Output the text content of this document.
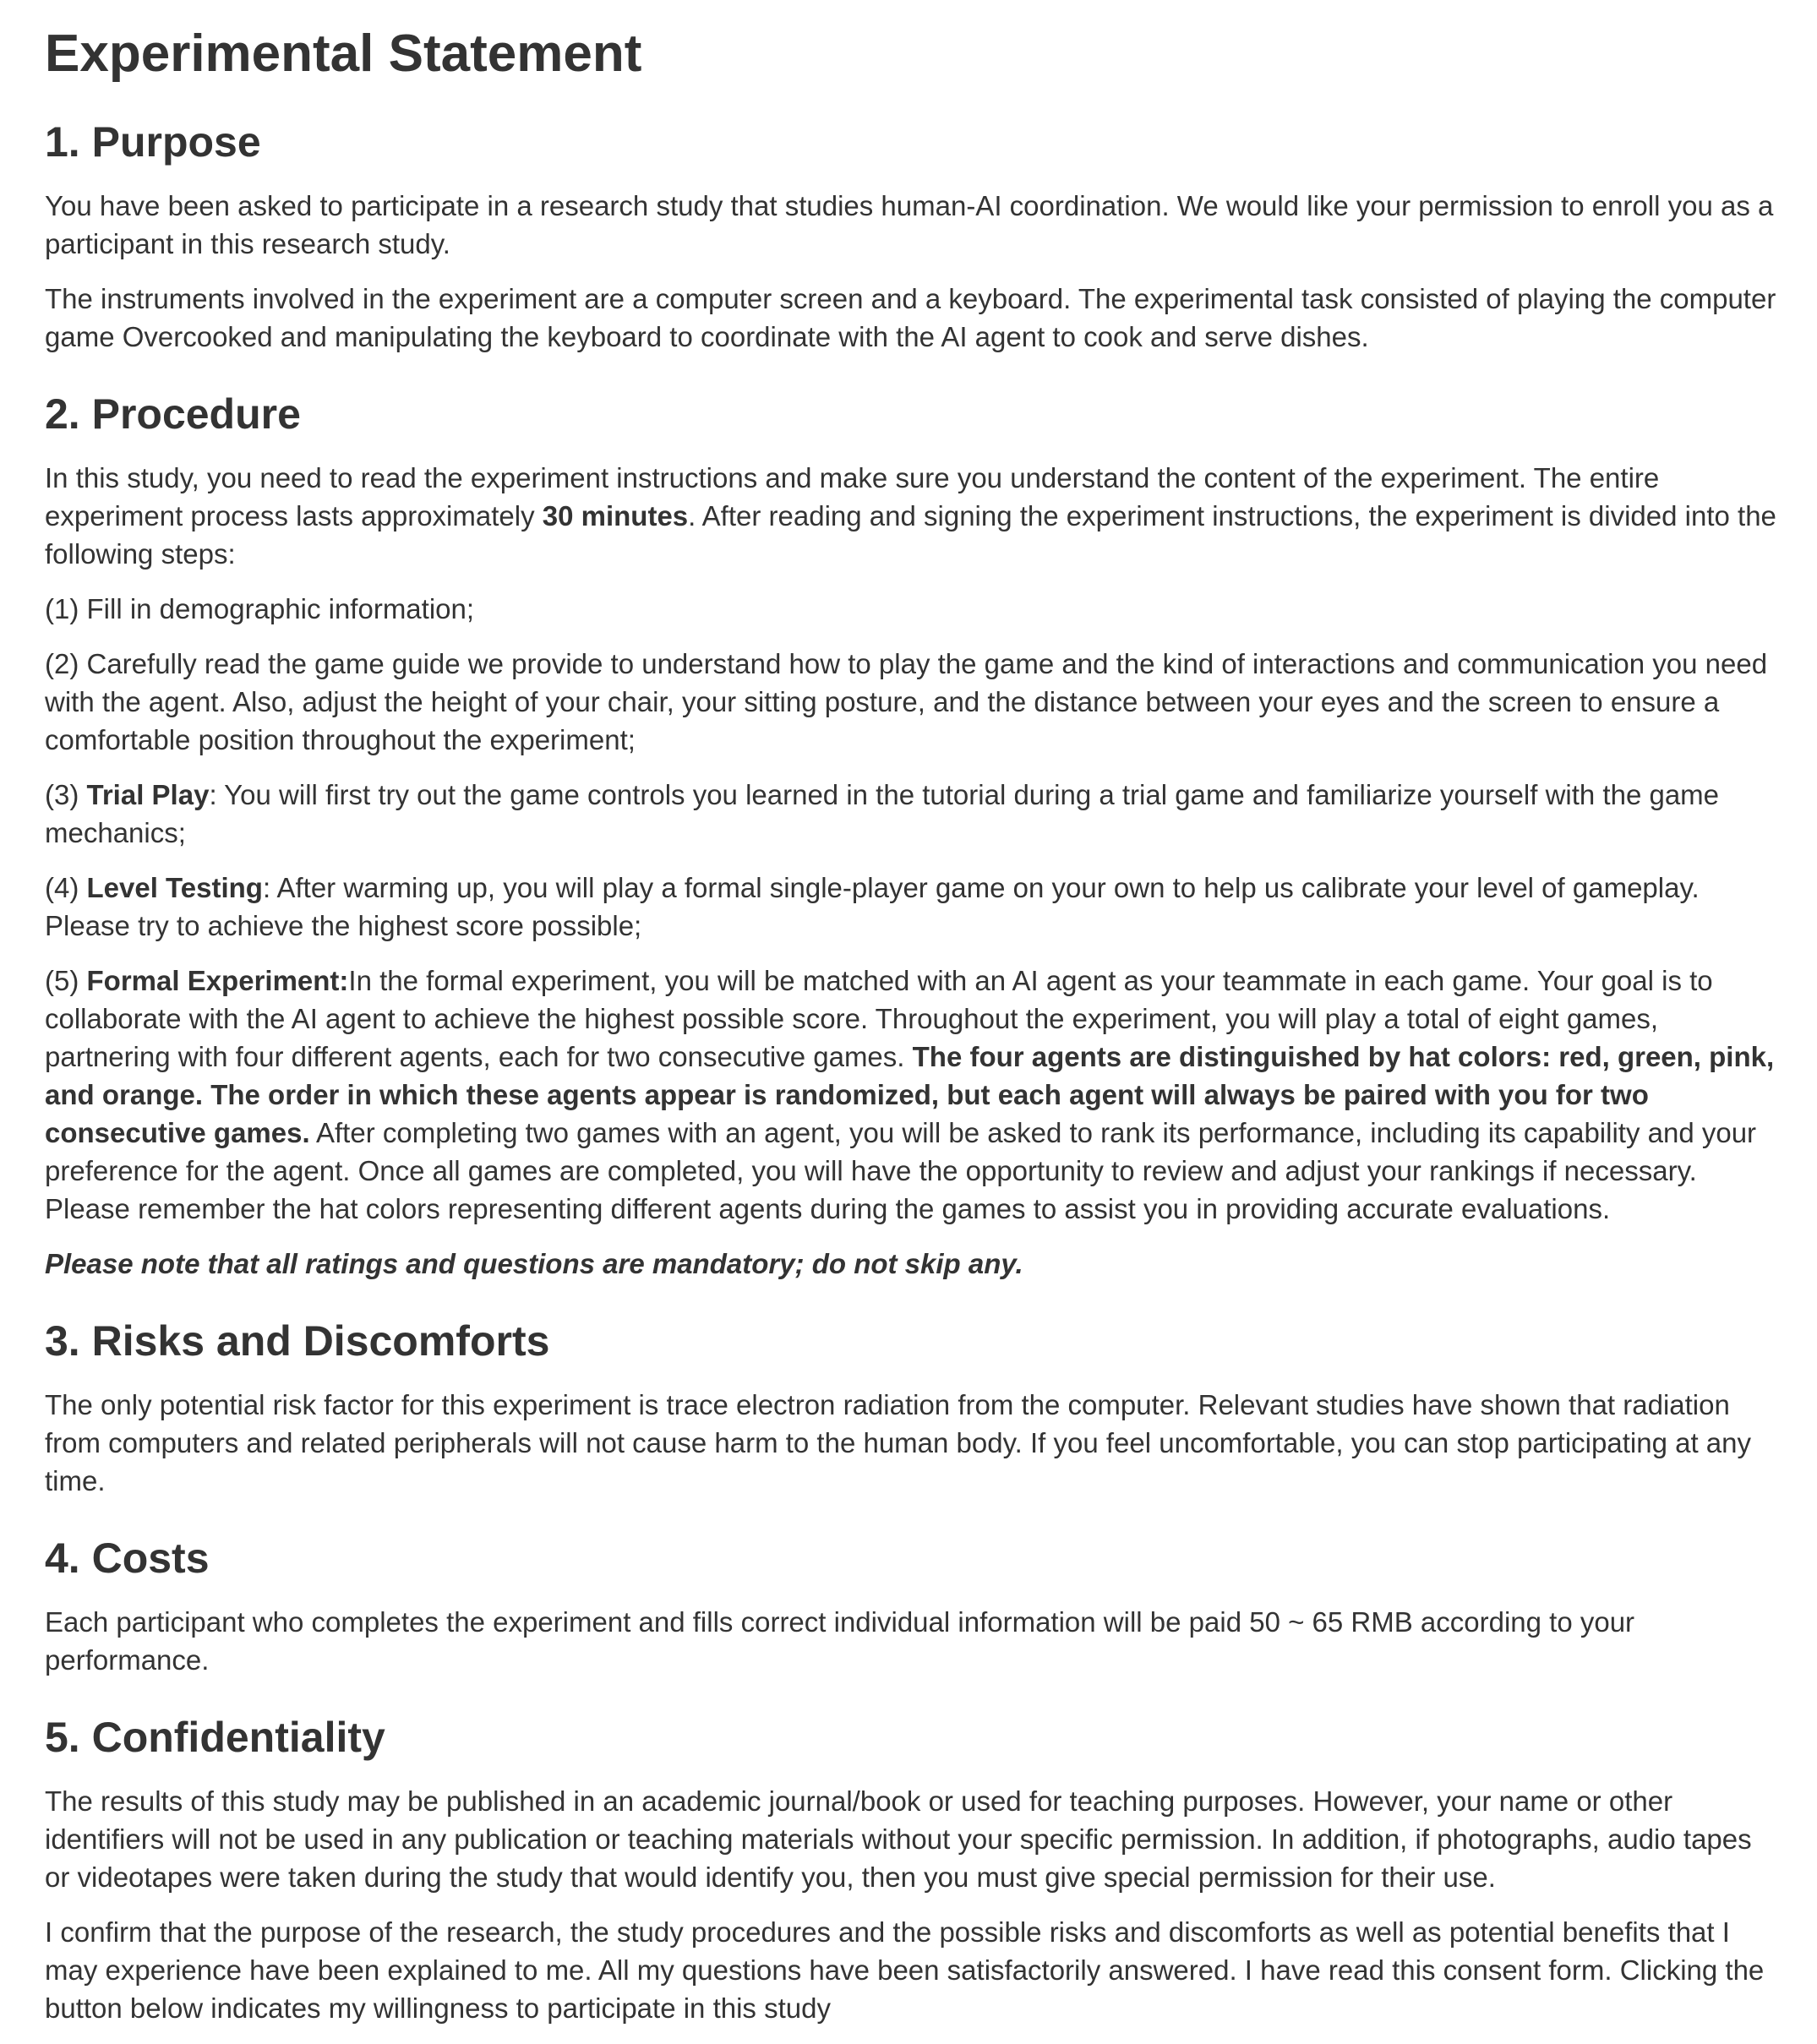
Experimental Statement
1. Purpose

You have been asked to participate in a research study that studies human-AI coordination. We would like your permission to enroll you as a participant in this research study.

The instruments involved in the experiment are a computer screen and a keyboard. The experimental task consisted of playing the computer game Overcooked and manipulating the keyboard to coordinate with the AI agent to cook and serve dishes.

2. Procedure

In this study, you need to read the experiment instructions and make sure you understand the content of the experiment. The entire experiment process lasts approximately 30 minutes. After reading and signing the experiment instructions, the experiment is divided into the following steps:

(1) Fill in demographic information;

(2) Carefully read the game guide we provide to understand how to play the game and the kind of interactions and communication you need with the agent. Also, adjust the height of your chair, your sitting posture, and the distance between your eyes and the screen to ensure a comfortable position throughout the experiment;

(3) Trial Play: You will first try out the game controls you learned in the tutorial during a trial game and familiarize yourself with the game mechanics;

(4) Level Testing: After warming up, you will play a formal single-player game on your own to help us calibrate your level of gameplay. Please try to achieve the highest score possible;

(5) Formal Experiment:In the formal experiment, you will be matched with an AI agent as your teammate in each game. Your goal is to collaborate with the AI agent to achieve the highest possible score. Throughout the experiment, you will play a total of eight games, partnering with four different agents, each for two consecutive games. The four agents are distinguished by hat colors: red, green, pink, and orange. The order in which these agents appear is randomized, but each agent will always be paired with you for two consecutive games. After completing two games with an agent, you will be asked to rank its performance, including its capability and your preference for the agent. Once all games are completed, you will have the opportunity to review and adjust your rankings if necessary. Please remember the hat colors representing different agents during the games to assist you in providing accurate evaluations.

Please note that all ratings and questions are mandatory; do not skip any.

3. Risks and Discomforts

The only potential risk factor for this experiment is trace electron radiation from the computer. Relevant studies have shown that radiation from computers and related peripherals will not cause harm to the human body. If you feel uncomfortable, you can stop participating at any time.

4. Costs

Each participant who completes the experiment and fills correct individual information will be paid 50 ~ 65 RMB according to your performance.

5. Confidentiality

The results of this study may be published in an academic journal/book or used for teaching purposes. However, your name or other identifiers will not be used in any publication or teaching materials without your specific permission. In addition, if photographs, audio tapes or videotapes were taken during the study that would identify you, then you must give special permission for their use.

I confirm that the purpose of the research, the study procedures and the possible risks and discomforts as well as potential benefits that I may experience have been explained to me. All my questions have been satisfactorily answered. I have read this consent form. Clicking the button below indicates my willingness to participate in this study
